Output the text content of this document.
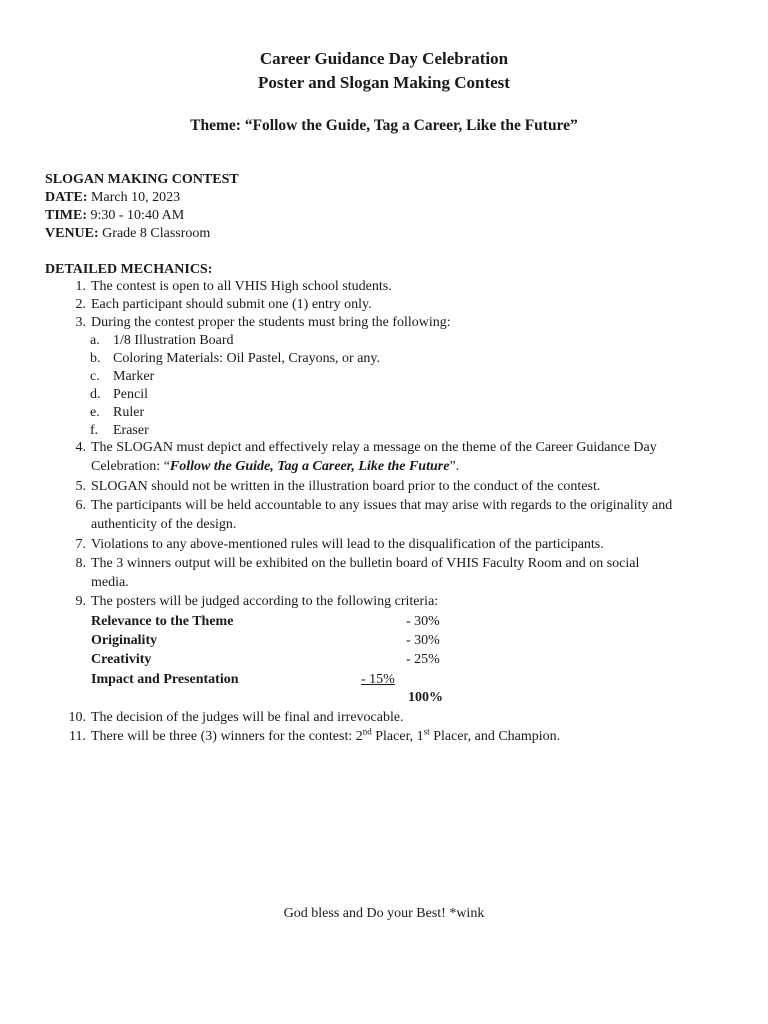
Career Guidance Day Celebration
Poster and Slogan Making Contest
Theme: “Follow the Guide, Tag a Career, Like the Future”
SLOGAN MAKING CONTEST
DATE: March 10, 2023
TIME: 9:30 - 10:40 AM
VENUE: Grade 8 Classroom
DETAILED MECHANICS:
1. The contest is open to all VHIS High school students.
2. Each participant should submit one (1) entry only.
3. During the contest proper the students must bring the following:
a. 1/8 Illustration Board
b. Coloring Materials: Oil Pastel, Crayons, or any.
c. Marker
d. Pencil
e. Ruler
f. Eraser
4. The SLOGAN must depict and effectively relay a message on the theme of the Career Guidance Day
Celebration: “Follow the Guide, Tag a Career, Like the Future”.
5. SLOGAN should not be written in the illustration board prior to the conduct of the contest.
6. The participants will be held accountable to any issues that may arise with regards to the originality and
authenticity of the design.
7. Violations to any above-mentioned rules will lead to the disqualification of the participants.
8. The 3 winners output will be exhibited on the bulletin board of VHIS Faculty Room and on social
media.
9. The posters will be judged according to the following criteria:
Relevance to the Theme	- 30%
Originality	- 30%
Creativity	- 25%
Impact and Presentation	- 15%
100%
10. The decision of the judges will be final and irrevocable.
11. There will be three (3) winners for the contest: 2nd Placer, 1st Placer, and Champion.
God bless and Do your Best! *wink
